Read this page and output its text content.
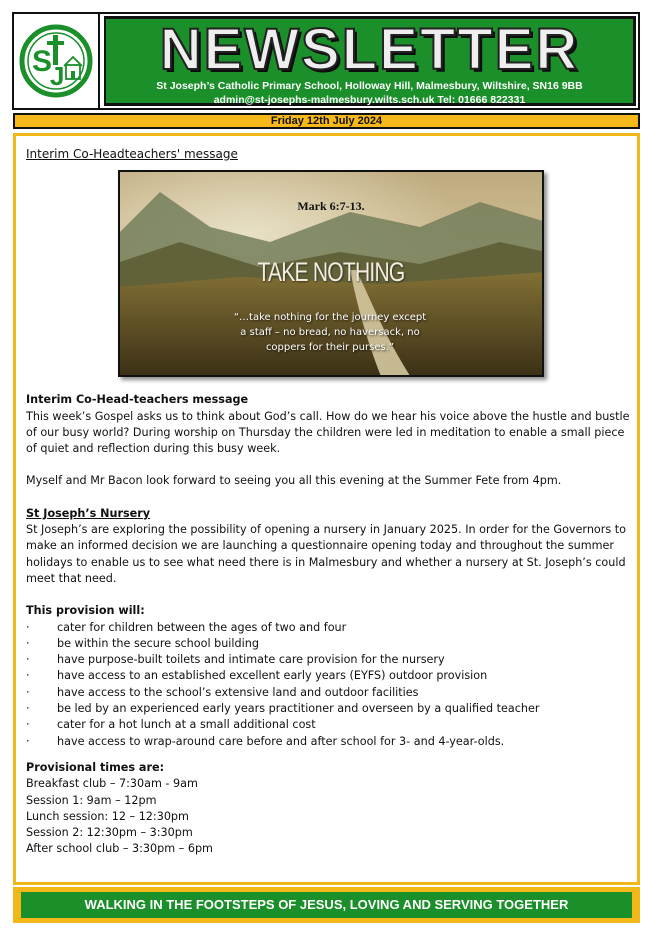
S
J NEWSLETTER
St Joseph’s Catholic Primary School, Holloway Hill, Malmesbury, Wiltshire, SN16 9BB
admin@st-josephs-malmesbury.wilts.sch.uk Tel: 01666 822331
Friday 12th July 2024
Interim Co-Headteachers' message
Mark 6:7-13.
TAKE NOTHING
“…take nothing for the journey except a staff – no bread, no haversack, no coppers for their purses.”
Interim Co-Head-teachers message
This week’s Gospel asks us to think about God’s call. How do we hear his voice above the hustle and bustle of our busy world? During worship on Thursday the children were led in meditation to enable a small piece of quiet and reflection during this busy week.
Myself and Mr Bacon look forward to seeing you all this evening at the Summer Fete from 4pm.
St Joseph’s Nursery
St Joseph’s are exploring the possibility of opening a nursery in January 2025. In order for the Governors to make an informed decision we are launching a questionnaire opening today and throughout the summer holidays to enable us to see what need there is in Malmesbury and whether a nursery at St. Joseph’s could meet that need.
This provision will:
· cater for children between the ages of two and four
· be within the secure school building
· have purpose-built toilets and intimate care provision for the nursery
· have access to an established excellent early years (EYFS) outdoor provision
· have access to the school’s extensive land and outdoor facilities
· be led by an experienced early years practitioner and overseen by a qualified teacher
· cater for a hot lunch at a small additional cost
· have access to wrap-around care before and after school for 3- and 4-year-olds.
Provisional times are:
Breakfast club – 7:30am - 9am
Session 1: 9am – 12pm
Lunch session: 12 – 12:30pm
Session 2: 12:30pm – 3:30pm
After school club – 3:30pm – 6pm
WALKING IN THE FOOTSTEPS OF JESUS, LOVING AND SERVING TOGETHER
